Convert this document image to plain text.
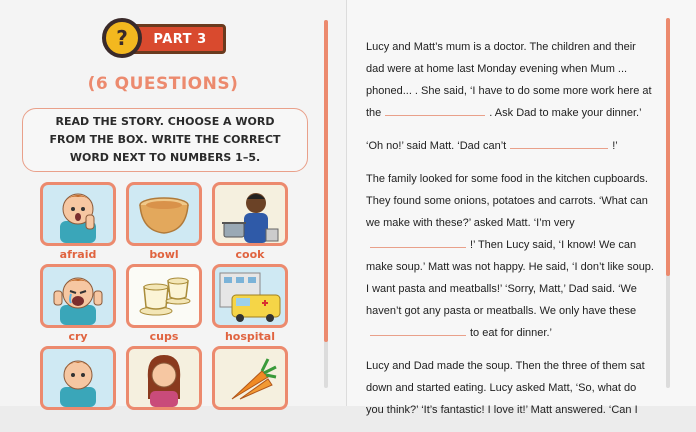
PART 3
?
(6 QUESTIONS)
READ THE STORY. CHOOSE A WORD FROM THE BOX. WRITE THE CORRECT WORD NEXT TO NUMBERS 1–5.
afraid	bowl	cook
cry	cups	hospital

Lucy and Matt’s mum is a doctor. The children and their dad were at home last Monday evening when Mum ... phoned... . She said, ‘I have to do some more work here at the	. Ask Dad to make your dinner.’

‘Oh no!’ said Matt. ‘Dad can’t	!’

The family looked for some food in the kitchen cupboards. They found some onions, potatoes and carrots. ‘What can we make with these?’ asked Matt. ‘I’m very!’ Then Lucy said, ‘I know! We can make soup.’ Matt was not happy. He said, ‘I don’t like soup. I want pasta and meatballs!’ ‘Sorry, Matt,’ Dad said. ‘We haven’t got any pasta or meatballs. We only have theseto eat for dinner.’

Lucy and Dad made the soup. Then the three of them sat down and started eating. Lucy asked Matt, ‘So, what do you think?’ ‘It’s fantastic! I love it!’ Matt answered. ‘Can I
